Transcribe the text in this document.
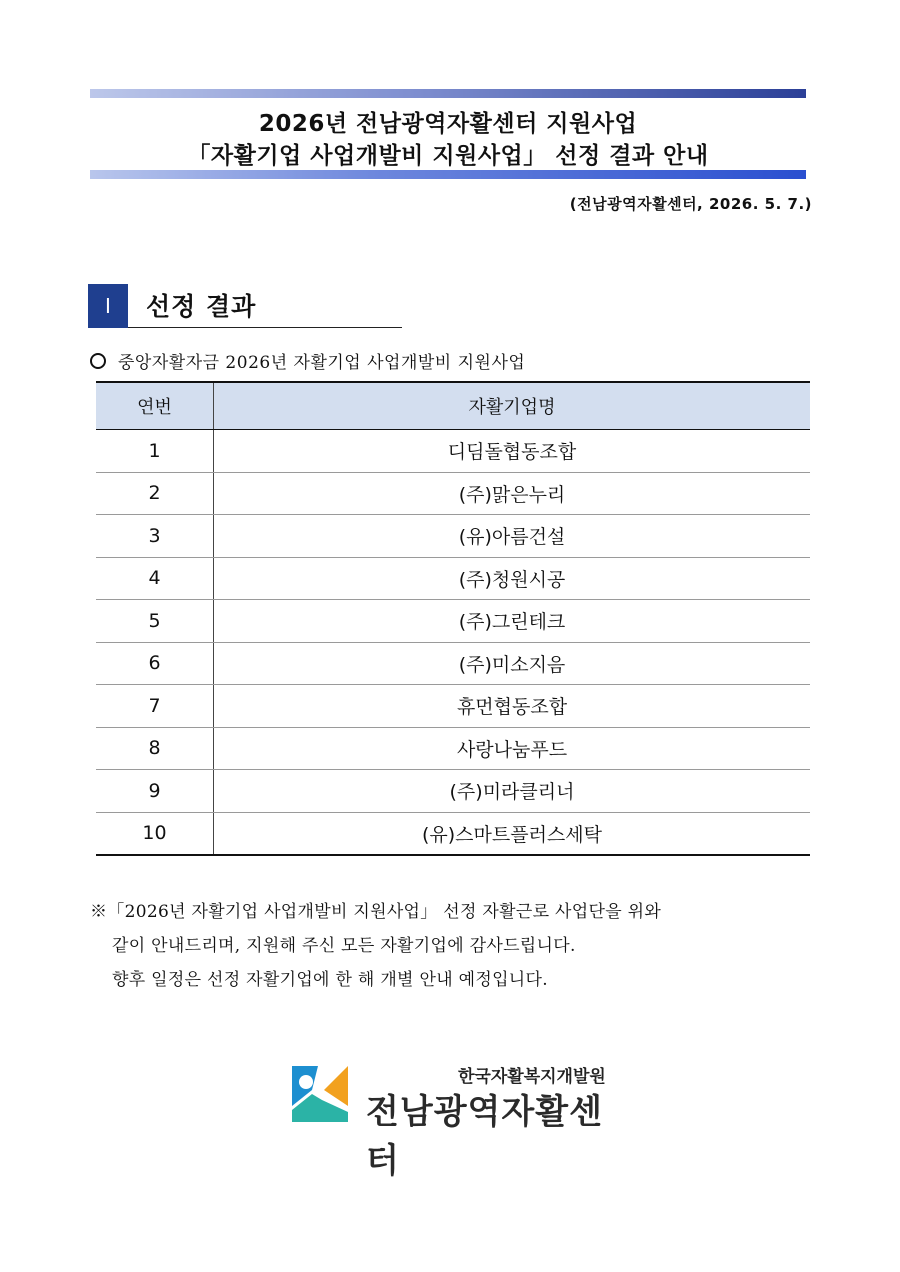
2026년 전남광역자활센터 지원사업
「자활기업 사업개발비 지원사업」 선정 결과 안내
(전남광역자활센터, 2026. 5. 7.)
Ⅰ	선정 결과
중앙자활자금 2026년 자활기업 사업개발비 지원사업
연번	자활기업명
1	디딤돌협동조합
2	(주)맑은누리
3	(유)아름건설
4	(주)청원시공
5	(주)그린테크
6	(주)미소지음
7	휴먼협동조합
8	사랑나눔푸드
9	(주)미라클리너
10	(유)스마트플러스세탁

※「2026년 자활기업 사업개발비 지원사업」 선정 자활근로 사업단을 위와

같이 안내드리며, 지원해 주신 모든 자활기업에 감사드립니다.

향후 일정은 선정 자활기업에 한 해 개별 안내 예정입니다.

한국자활복지개발원
전남광역자활센터
